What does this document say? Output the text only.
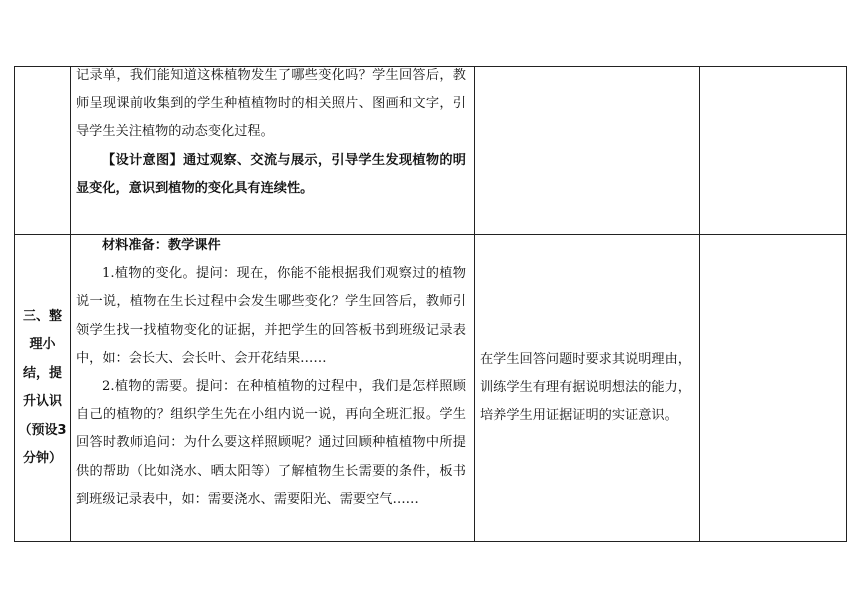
	记录单，我们能知道这株植物发生了哪些变化吗？学生回答后，教师呈现课前收集到的学生种植植物时的相关照片、图画和文字，引导学生关注植物的动态变化过程。

【设计意图】通过观察、交流与展示，引导学生发现植物的明显变化，意识到植物的变化具有连续性。		

三、整理小结，提升认识（预设3分钟）	材料准备：教学课件

1.植物的变化。提问：现在，你能不能根据我们观察过的植物说一说，植物在生长过程中会发生哪些变化？学生回答后，教师引领学生找一找植物变化的证据，并把学生的回答板书到班级记录表中，如：会长大、会长叶、会开花结果……

2.植物的需要。提问：在种植植物的过程中，我们是怎样照顾自己的植物的？组织学生先在小组内说一说，再向全班汇报。学生回答时教师追问：为什么要这样照顾呢？通过回顾种植植物中所提供的帮助（比如浇水、晒太阳等）了解植物生长需要的条件，板书到班级记录表中，如：需要浇水、需要阳光、需要空气……	在学生回答问题时要求其说明理由，训练学生有理有据说明想法的能力，培养学生用证据证明的实证意识。	
